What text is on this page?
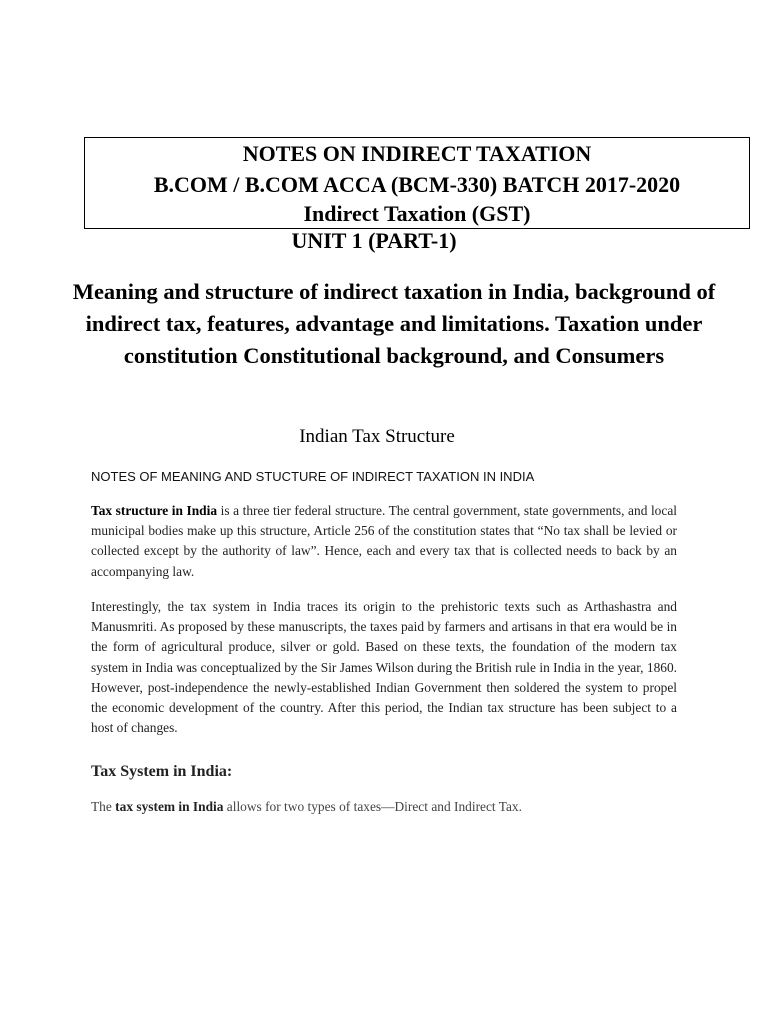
NOTES ON INDIRECT TAXATION
B.COM / B.COM ACCA (BCM-330) BATCH 2017-2020
Indirect Taxation (GST)
UNIT 1 (PART-1)
Meaning and structure of indirect taxation in India, background of indirect tax, features, advantage and limitations. Taxation under constitution Constitutional background, and Consumers
Indian Tax Structure
NOTES OF MEANING AND STUCTURE OF INDIRECT TAXATION IN INDIA
Tax structure in India is a three tier federal structure. The central government, state governments, and local municipal bodies make up this structure, Article 256 of the constitution states that “No tax shall be levied or collected except by the authority of law”. Hence, each and every tax that is collected needs to back by an accompanying law.
Interestingly, the tax system in India traces its origin to the prehistoric texts such as Arthashastra and Manusmriti. As proposed by these manuscripts, the taxes paid by farmers and artisans in that era would be in the form of agricultural produce, silver or gold. Based on these texts, the foundation of the modern tax system in India was conceptualized by the Sir James Wilson during the British rule in India in the year, 1860. However, post-independence the newly-established Indian Government then soldered the system to propel the economic development of the country. After this period, the Indian tax structure has been subject to a host of changes.
Tax System in India:
The tax system in India allows for two types of taxes—Direct and Indirect Tax.
